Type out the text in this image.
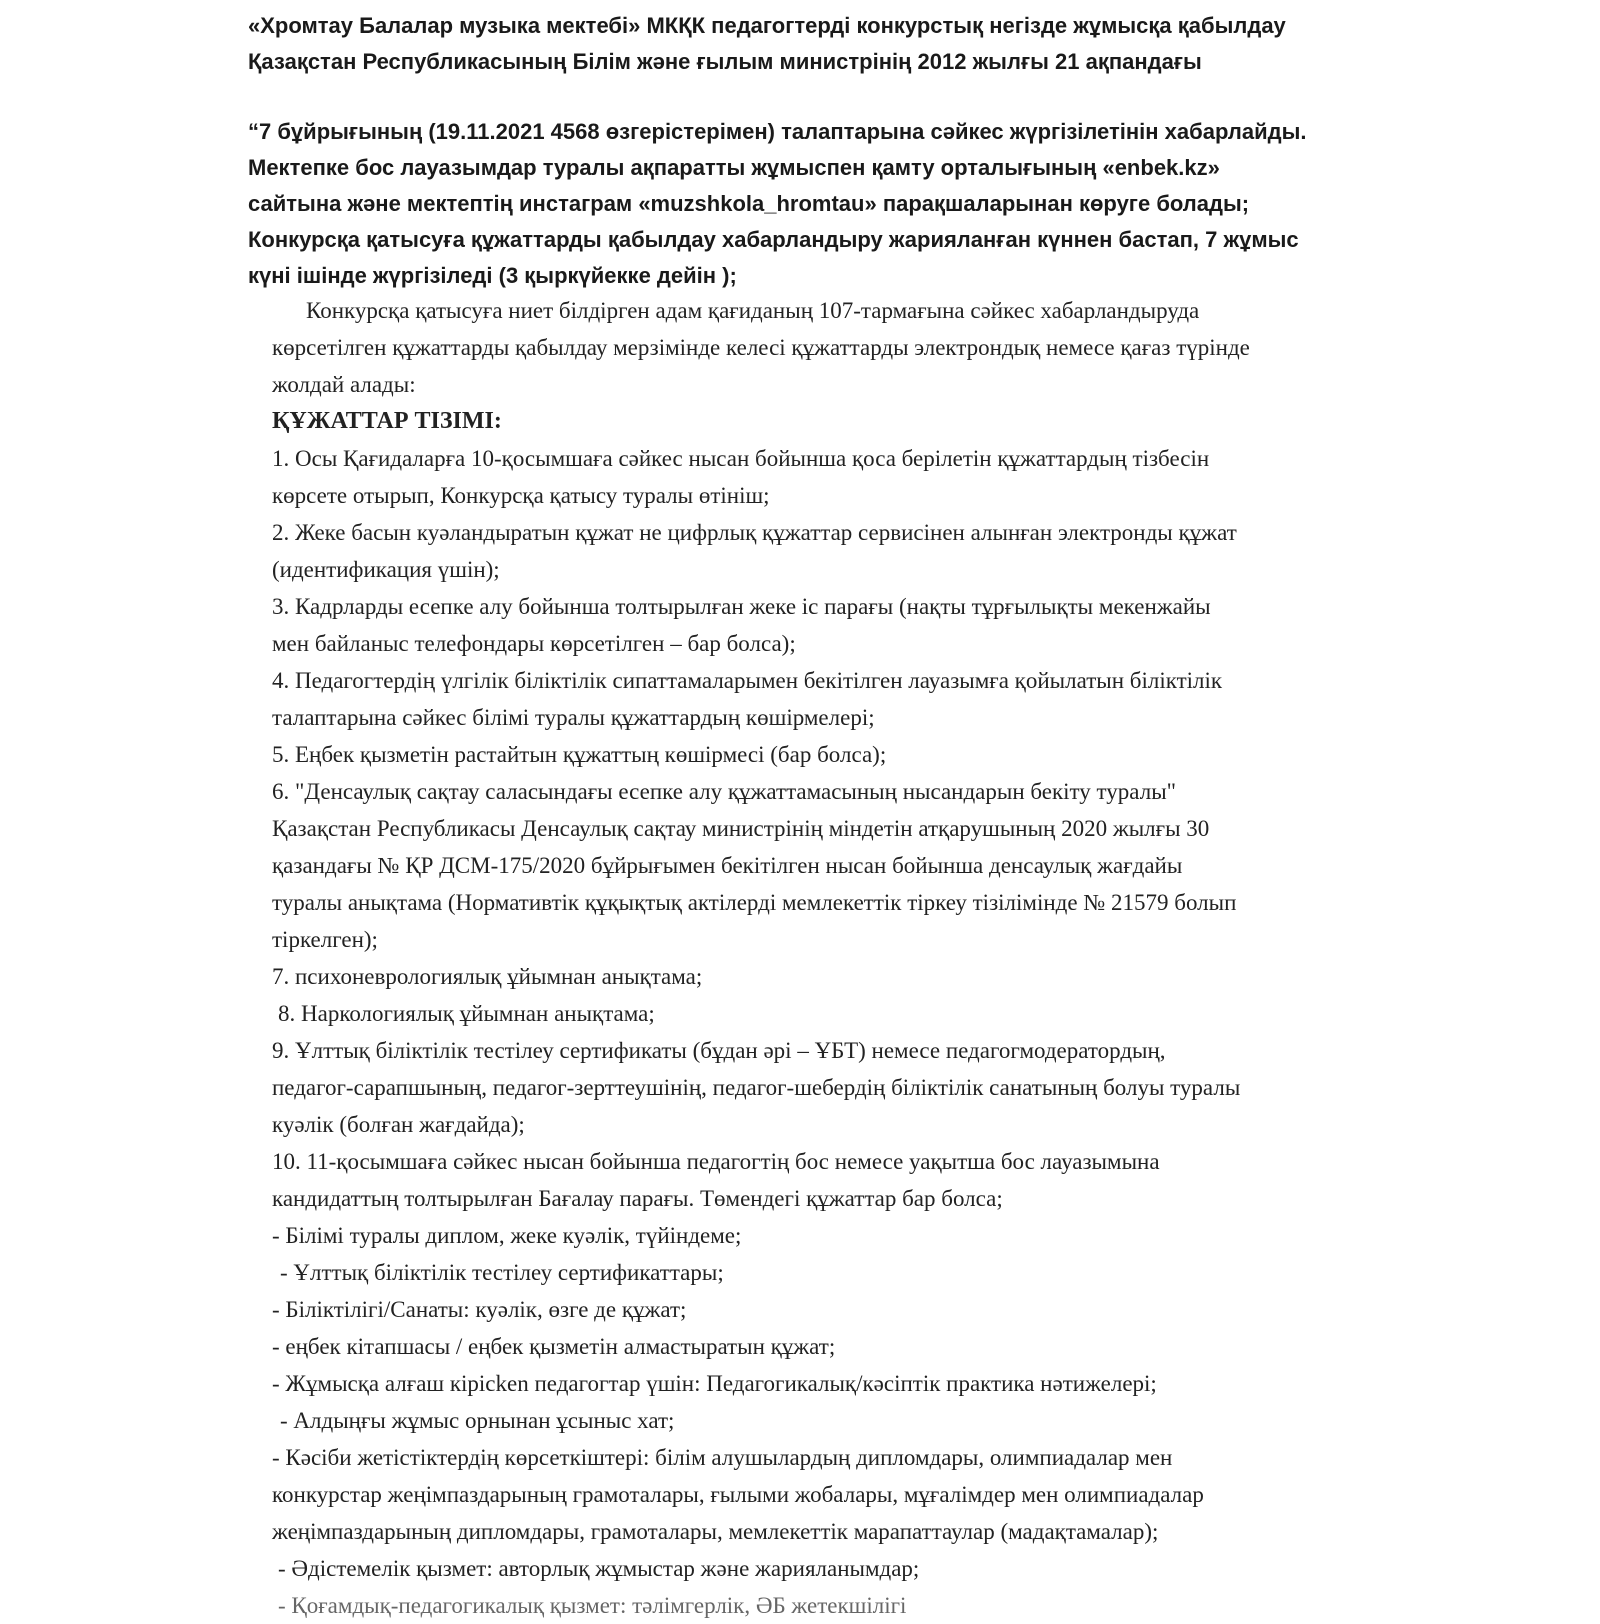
«Хромтау Балалар музыка мектебі» МКҚК педагогтерді конкурстық негізде жұмысқа қабылдау
Қазақстан Республикасының Білім және ғылым министрінің 2012 жылғы 21 ақпандағы
“7 бұйрығының (19.11.2021 4568 өзгерістерімен) талаптарына сәйкес жүргізілетінін хабарлайды.
Мектепке бос лауазымдар туралы ақпаратты жұмыспен қамту орталығының «enbek.kz»
сайтына және мектептің инстаграм «muzshkola_hromtau» парақшаларынан көруге болады;
Конкурсқа қатысуға құжаттарды қабылдау хабарландыру жарияланған күннен бастап, 7 жұмыс
күні ішінде жүргізіледі (3 қыркүйекке дейін );
Конкурсқа қатысуға ниет білдірген адам қағиданың 107-тармағына сәйкес хабарландыруда
көрсетілген құжаттарды қабылдау мерзімінде келесі құжаттарды электрондық немесе қағаз түрінде
жолдай алады:
ҚҰЖАТТАР ТІЗІМІ:
1. Осы Қағидаларға 10-қосымшаға сәйкес нысан бойынша қоса берілетін құжаттардың тізбесін
көрсете отырып, Конкурсқа қатысу туралы өтініш;
2. Жеке басын куәландыратын құжат не цифрлық құжаттар сервисінен алынған электронды құжат
(идентификация үшін);
3. Кадрларды есепке алу бойынша толтырылған жеке іс парағы (нақты тұрғылықты мекенжайы
мен байланыс телефондары көрсетілген – бар болса);
4. Педагогтердің үлгілік біліктілік сипаттамаларымен бекітілген лауазымға қойылатын біліктілік
талаптарына сәйкес білімі туралы құжаттардың көшірмелері;
5. Еңбек қызметін растайтын құжаттың көшірмесі (бар болса);
6. "Денсаулық сақтау саласындағы есепке алу құжаттамасының нысандарын бекіту туралы"
Қазақстан Республикасы Денсаулық сақтау министрінің міндетін атқарушының 2020 жылғы 30
қазандағы № ҚР ДСМ-175/2020 бұйрығымен бекітілген нысан бойынша денсаулық жағдайы
туралы анықтама (Нормативтік құқықтық актілерді мемлекеттік тіркеу тізілімінде № 21579 болып
тіркелген);
7. психоневрологиялық ұйымнан анықтама;
8. Наркологиялық ұйымнан анықтама;
9. Ұлттық біліктілік тестілеу сертификаты (бұдан әрі – ҰБТ) немесе педагогмодератордың,
педагог-сарапшының, педагог-зерттеушінің, педагог-шебердің біліктілік санатының болуы туралы
куәлік (болған жағдайда);
10. 11-қосымшаға сәйкес нысан бойынша педагогтің бос немесе уақытша бос лауазымына
кандидаттың толтырылған Бағалау парағы. Төмендегі құжаттар бар болса;
- Білімі туралы диплом, жеке куәлік, түйіндеме;
- Ұлттық біліктілік тестілеу сертификаттары;
- Біліктілігі/Санаты: куәлік, өзге де құжат;
- еңбек кітапшасы / еңбек қызметін алмастыратын құжат;
- Жұмысқа алғаш кірісken педагогтар үшін: Педагогикалық/кәсіптік практика нәтижелері;
- Алдыңғы жұмыс орнынан ұсыныс хат;
- Кәсіби жетістіктердің көрсеткіштері: білім алушылардың дипломдары, олимпиадалар мен
конкурстар жеңімпаздарының грамоталары, ғылыми жобалары, мұғалімдер мен олимпиадалар
жеңімпаздарының дипломдары, грамоталары, мемлекеттік марапаттаулар (мадақтамалар);
- Әдістемелік қызмет: авторлық жұмыстар және жарияланымдар;
- Қоғамдық-педагогикалық қызмет: тәлімгерлік, ӘБ жетекшілігі
